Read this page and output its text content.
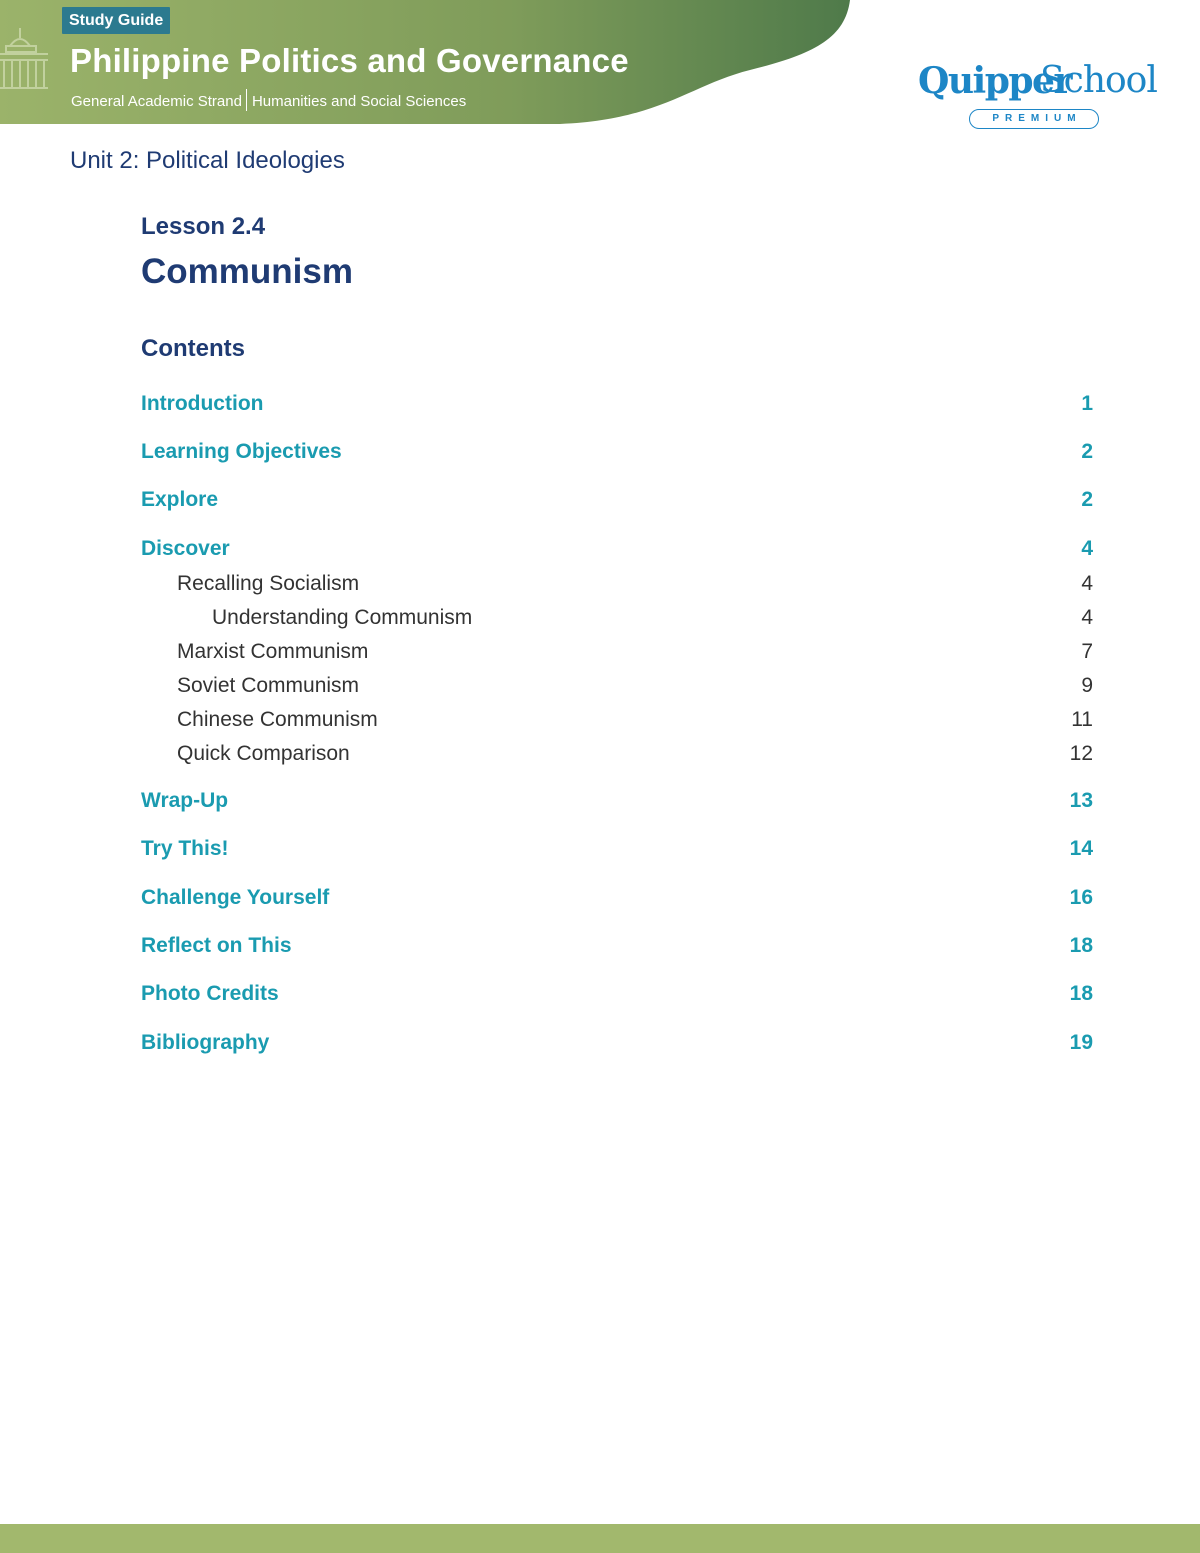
Study Guide
Philippine Politics and Governance
General Academic Strand Humanities and Social Sciences	Quipper
School
PREMIUM
Unit 2: Political Ideologies
Lesson 2.4
Communism
Contents
Introduction	1
Learning Objectives	2
Explore	2
Discover	4
Recalling Socialism	4
Understanding Communism	4
Marxist Communism	7
Soviet Communism	9
Chinese Communism	11
Quick Comparison	12
Wrap-Up	13
Try This!	14
Challenge Yourself	16
Reflect on This	18
Photo Credits	18
Bibliography	19
